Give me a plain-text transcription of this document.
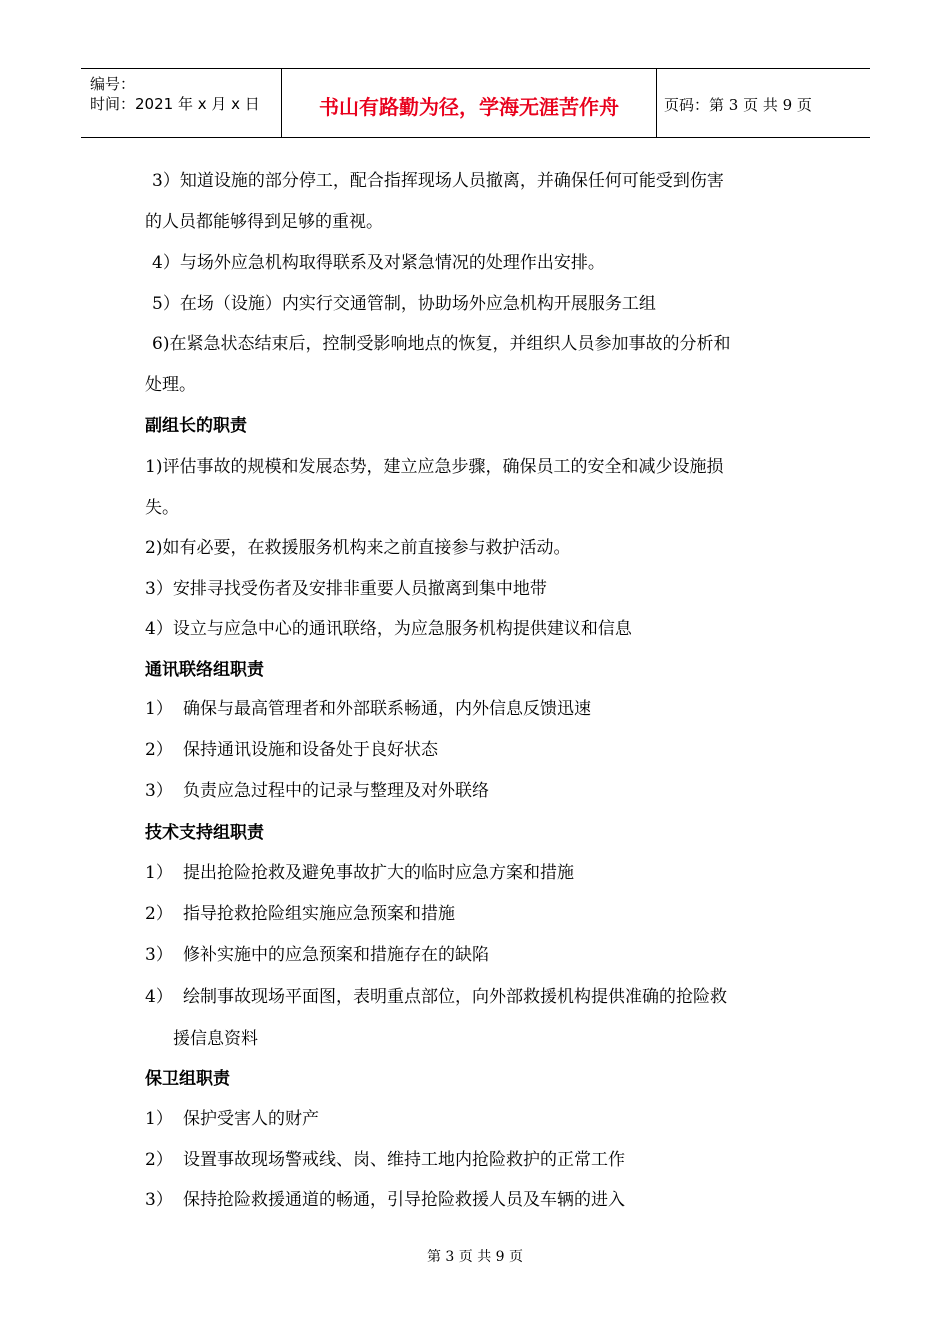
编号：
时间：2021 年 x 月 x 日	书山有路勤为径，学海无涯苦作舟	页码：第 3 页 共 9 页
3）知道设施的部分停工，配合指挥现场人员撤离，并确保任何可能受到伤害
的人员都能够得到足够的重视。
4）与场外应急机构取得联系及对紧急情况的处理作出安排。
5）在场（设施）内实行交通管制，协助场外应急机构开展服务工组
6)在紧急状态结束后，控制受影响地点的恢复，并组织人员参加事故的分析和
处理。
副组长的职责
1)评估事故的规模和发展态势，建立应急步骤，确保员工的安全和减少设施损
失。
2)如有必要，在救援服务机构来之前直接参与救护活动。
3）安排寻找受伤者及安排非重要人员撤离到集中地带
4）设立与应急中心的通讯联络，为应急服务机构提供建议和信息
通讯联络组职责
1） 确保与最高管理者和外部联系畅通，内外信息反馈迅速
2） 保持通讯设施和设备处于良好状态
3） 负责应急过程中的记录与整理及对外联络
技术支持组职责
1） 提出抢险抢救及避免事故扩大的临时应急方案和措施
2） 指导抢救抢险组实施应急预案和措施
3） 修补实施中的应急预案和措施存在的缺陷
4） 绘制事故现场平面图，表明重点部位，向外部救援机构提供准确的抢险救
援信息资料
保卫组职责
1） 保护受害人的财产
2） 设置事故现场警戒线、岗、维持工地内抢险救护的正常工作
3） 保持抢险救援通道的畅通，引导抢险救援人员及车辆的进入
第 3 页 共 9 页
